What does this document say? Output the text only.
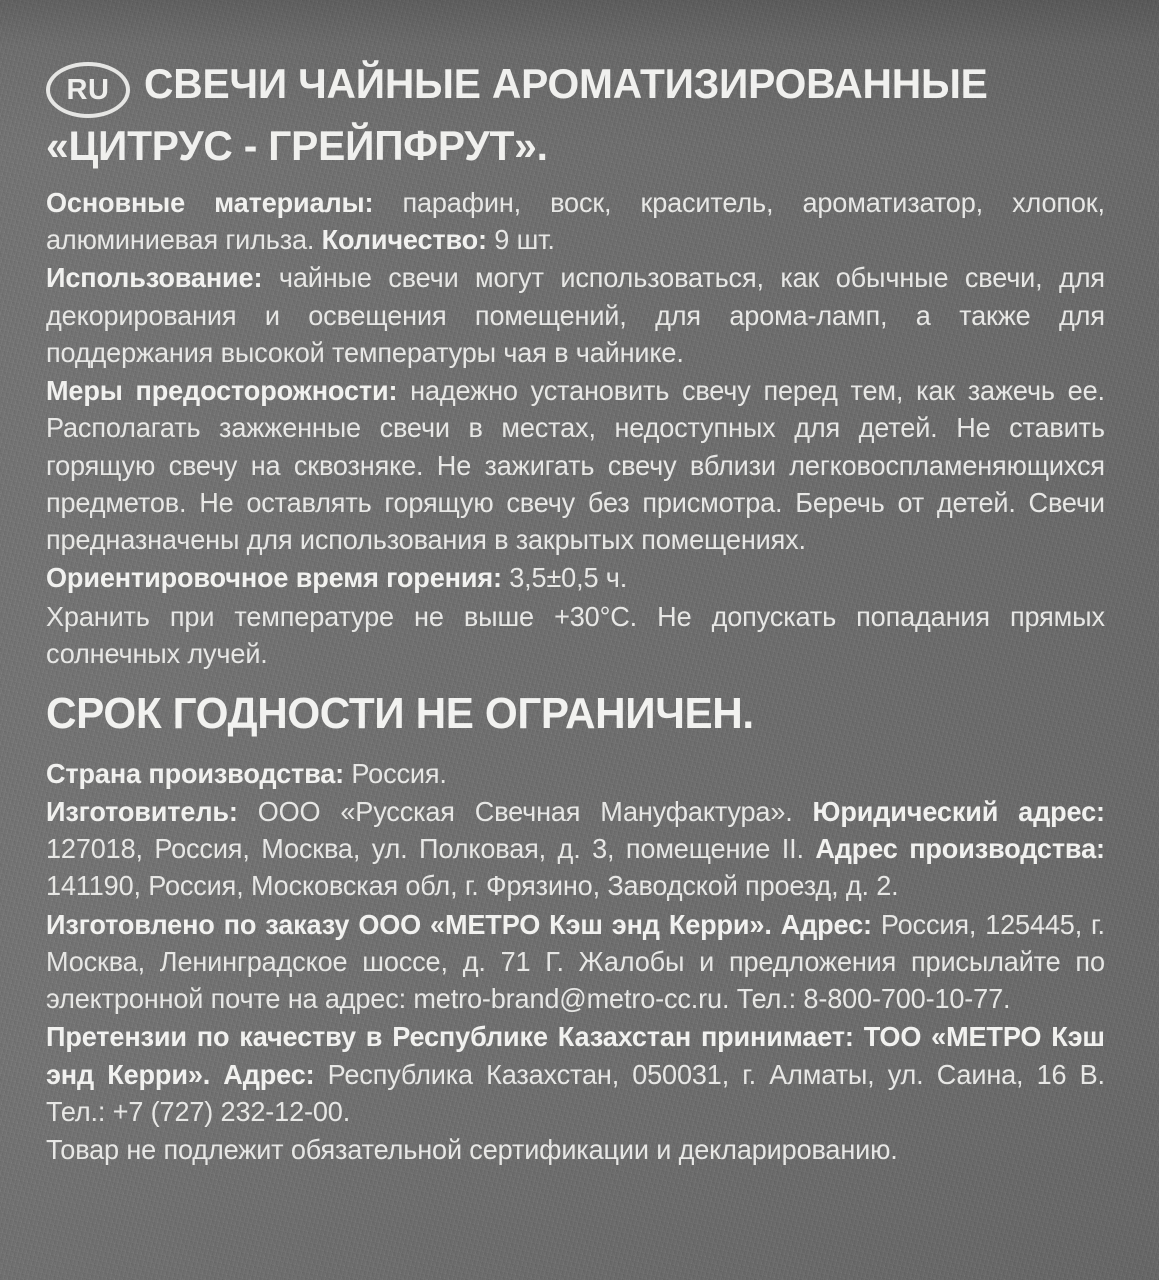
RU СВЕЧИ ЧАЙНЫЕ АРОМАТИЗИРОВАННЫЕ
«ЦИТРУС - ГРЕЙПФРУТ».

Основные материалы: парафин, воск, краситель, ароматизатор, хлопок, алюминиевая гильза. Количество: 9 шт.

Использование: чайные свечи могут использоваться, как обычные свечи, для декорирования и освещения помещений, для арома-ламп, а также для поддержания высокой температуры чая в чайнике.

Меры предосторожности: надежно установить свечу перед тем, как зажечь ее. Располагать зажженные свечи в местах, недоступных для детей. Не ставить горящую свечу на сквозняке. Не зажигать свечу вблизи легковоспламеняющихся предметов. Не оставлять горящую свечу без присмотра. Беречь от детей. Свечи предназначены для использования в закрытых помещениях.

Ориентировочное время горения: 3,5±0,5 ч.

Хранить при температуре не выше +30°С. Не допускать попадания прямых солнечных лучей.

СРОК ГОДНОСТИ НЕ ОГРАНИЧЕН.

Страна производства: Россия.

Изготовитель: ООО «Русская Свечная Мануфактура». Юридический адрес: 127018, Россия, Москва, ул. Полковая, д. 3, помещение II. Адрес производства: 141190, Россия, Московская обл, г. Фрязино, Заводской проезд, д. 2.

Изготовлено по заказу ООО «МЕТРО Кэш энд Керри». Адрес: Россия, 125445, г. Москва, Ленинградское шоссе, д. 71 Г. Жалобы и предложения присылайте по электронной почте на адрес: metro-brand@metro-cc.ru. Тел.: 8-800-700-10-77.

Претензии по качеству в Республике Казахстан принимает: ТОО «МЕТРО Кэш энд Керри». Адрес: Республика Казахстан, 050031, г. Алматы, ул. Саина, 16 В. Тел.: +7 (727) 232-12-00.

Товар не подлежит обязательной сертификации и декларированию.
